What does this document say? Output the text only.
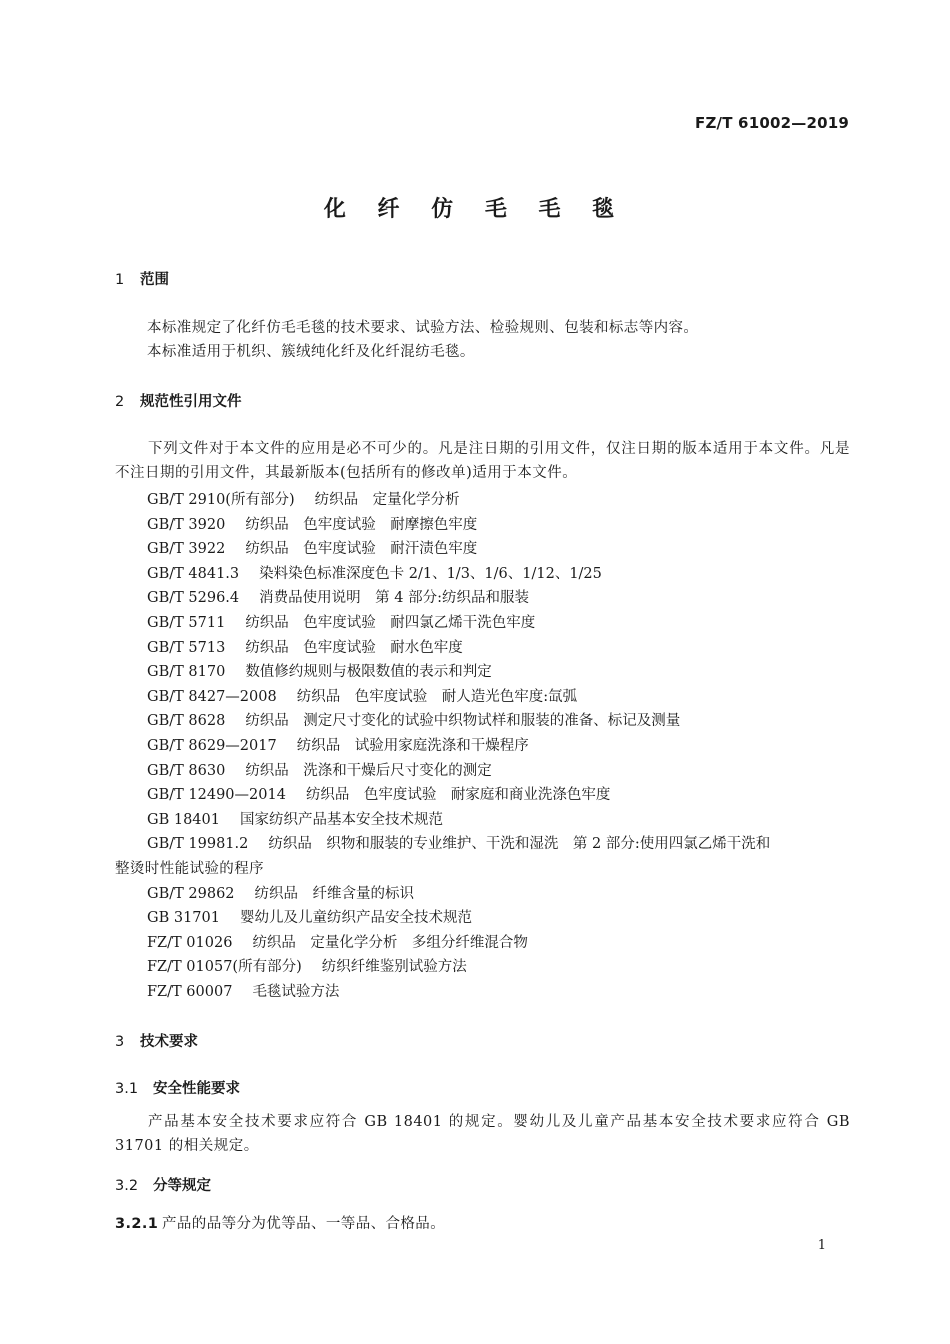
FZ/T 61002—2019
化 纤 仿 毛 毛 毯
1 范围
本标准规定了化纤仿毛毛毯的技术要求、试验方法、检验规则、包装和标志等内容。
本标准适用于机织、簇绒纯化纤及化纤混纺毛毯。
2 规范性引用文件
下列文件对于本文件的应用是必不可少的。凡是注日期的引用文件，仅注日期的版本适用于本文件。凡是不注日期的引用文件，其最新版本(包括所有的修改单)适用于本文件。
GB/T 2910(所有部分) 纺织品　定量化学分析
GB/T 3920 纺织品　色牢度试验　耐摩擦色牢度
GB/T 3922 纺织品　色牢度试验　耐汗渍色牢度
GB/T 4841.3 染料染色标准深度色卡 2/1、1/3、1/6、1/12、1/25
GB/T 5296.4 消费品使用说明　第 4 部分:纺织品和服装
GB/T 5711 纺织品　色牢度试验　耐四氯乙烯干洗色牢度
GB/T 5713 纺织品　色牢度试验　耐水色牢度
GB/T 8170 数值修约规则与极限数值的表示和判定
GB/T 8427—2008 纺织品　色牢度试验　耐人造光色牢度:氙弧
GB/T 8628 纺织品　测定尺寸变化的试验中织物试样和服装的准备、标记及测量
GB/T 8629—2017 纺织品　试验用家庭洗涤和干燥程序
GB/T 8630 纺织品　洗涤和干燥后尺寸变化的测定
GB/T 12490—2014 纺织品　色牢度试验　耐家庭和商业洗涤色牢度
GB 18401 国家纺织产品基本安全技术规范
GB/T 19981.2 纺织品　织物和服装的专业维护、干洗和湿洗　第 2 部分:使用四氯乙烯干洗和
整烫时性能试验的程序
GB/T 29862 纺织品　纤维含量的标识
GB 31701 婴幼儿及儿童纺织产品安全技术规范
FZ/T 01026 纺织品　定量化学分析　多组分纤维混合物
FZ/T 01057(所有部分) 纺织纤维鉴别试验方法
FZ/T 60007 毛毯试验方法
3 技术要求
3.1 安全性能要求
产品基本安全技术要求应符合 GB 18401 的规定。婴幼儿及儿童产品基本安全技术要求应符合 GB 31701 的相关规定。
3.2 分等规定
3.2.1 产品的品等分为优等品、一等品、合格品。
1
